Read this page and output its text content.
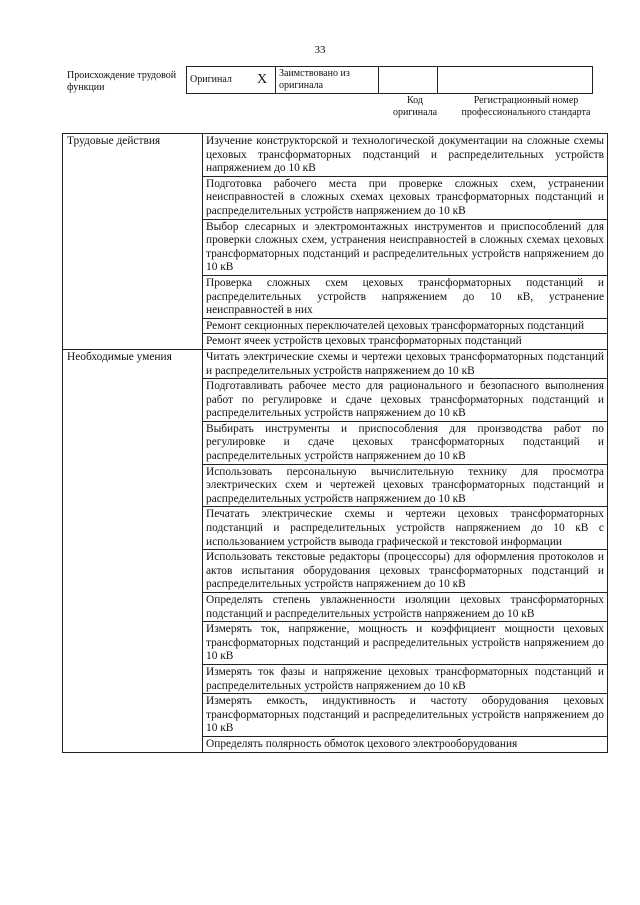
33
Происхождение трудовой функции
Оригинал	X	Заимствовано из оригинала		
Код оригинала
Регистрационный номер профессионального стандарта
Трудовые действия	Изучение конструкторской и технологической документации на сложные схемы цеховых трансформаторных подстанций и распределительных устройств напряжением до 10 кВ
	Подготовка рабочего места при проверке сложных схем, устранении неисправностей в сложных схемах цеховых трансформаторных подстанций и распределительных устройств напряжением до 10 кВ
	Выбор слесарных и электромонтажных инструментов и приспособлений для проверки сложных схем, устранения неисправностей в сложных схемах цеховых трансформаторных подстанций и распределительных устройств напряжением до 10 кВ
	Проверка сложных схем цеховых трансформаторных подстанций и распределительных устройств напряжением до 10 кВ, устранение неисправностей в них
	Ремонт секционных переключателей цеховых трансформаторных подстанций
	Ремонт ячеек устройств цеховых трансформаторных подстанций
Необходимые умения	Читать электрические схемы и чертежи цеховых трансформаторных подстанций и распределительных устройств напряжением до 10 кВ
	Подготавливать рабочее место для рационального и безопасного выполнения работ по регулировке и сдаче цеховых трансформаторных подстанций и распределительных устройств напряжением до 10 кВ
	Выбирать инструменты и приспособления для производства работ по регулировке и сдаче цеховых трансформаторных подстанций и распределительных устройств напряжением до 10 кВ
	Использовать персональную вычислительную технику для просмотра электрических схем и чертежей цеховых трансформаторных подстанций и распределительных устройств напряжением до 10 кВ
	Печатать электрические схемы и чертежи цеховых трансформаторных подстанций и распределительных устройств напряжением до 10 кВ с использованием устройств вывода графической и текстовой информации
	Использовать текстовые редакторы (процессоры) для оформления протоколов и актов испытания оборудования цеховых трансформаторных подстанций и распределительных устройств напряжением до 10 кВ
	Определять степень увлажненности изоляции цеховых трансформаторных подстанций и распределительных устройств напряжением до 10 кВ
	Измерять ток, напряжение, мощность и коэффициент мощности цеховых трансформаторных подстанций и распределительных устройств напряжением до 10 кВ
	Измерять ток фазы и напряжение цеховых трансформаторных подстанций и распределительных устройств напряжением до 10 кВ
	Измерять емкость, индуктивность и частоту оборудования цеховых трансформаторных подстанций и распределительных устройств напряжением до 10 кВ
	Определять полярность обмоток цехового электрооборудования
